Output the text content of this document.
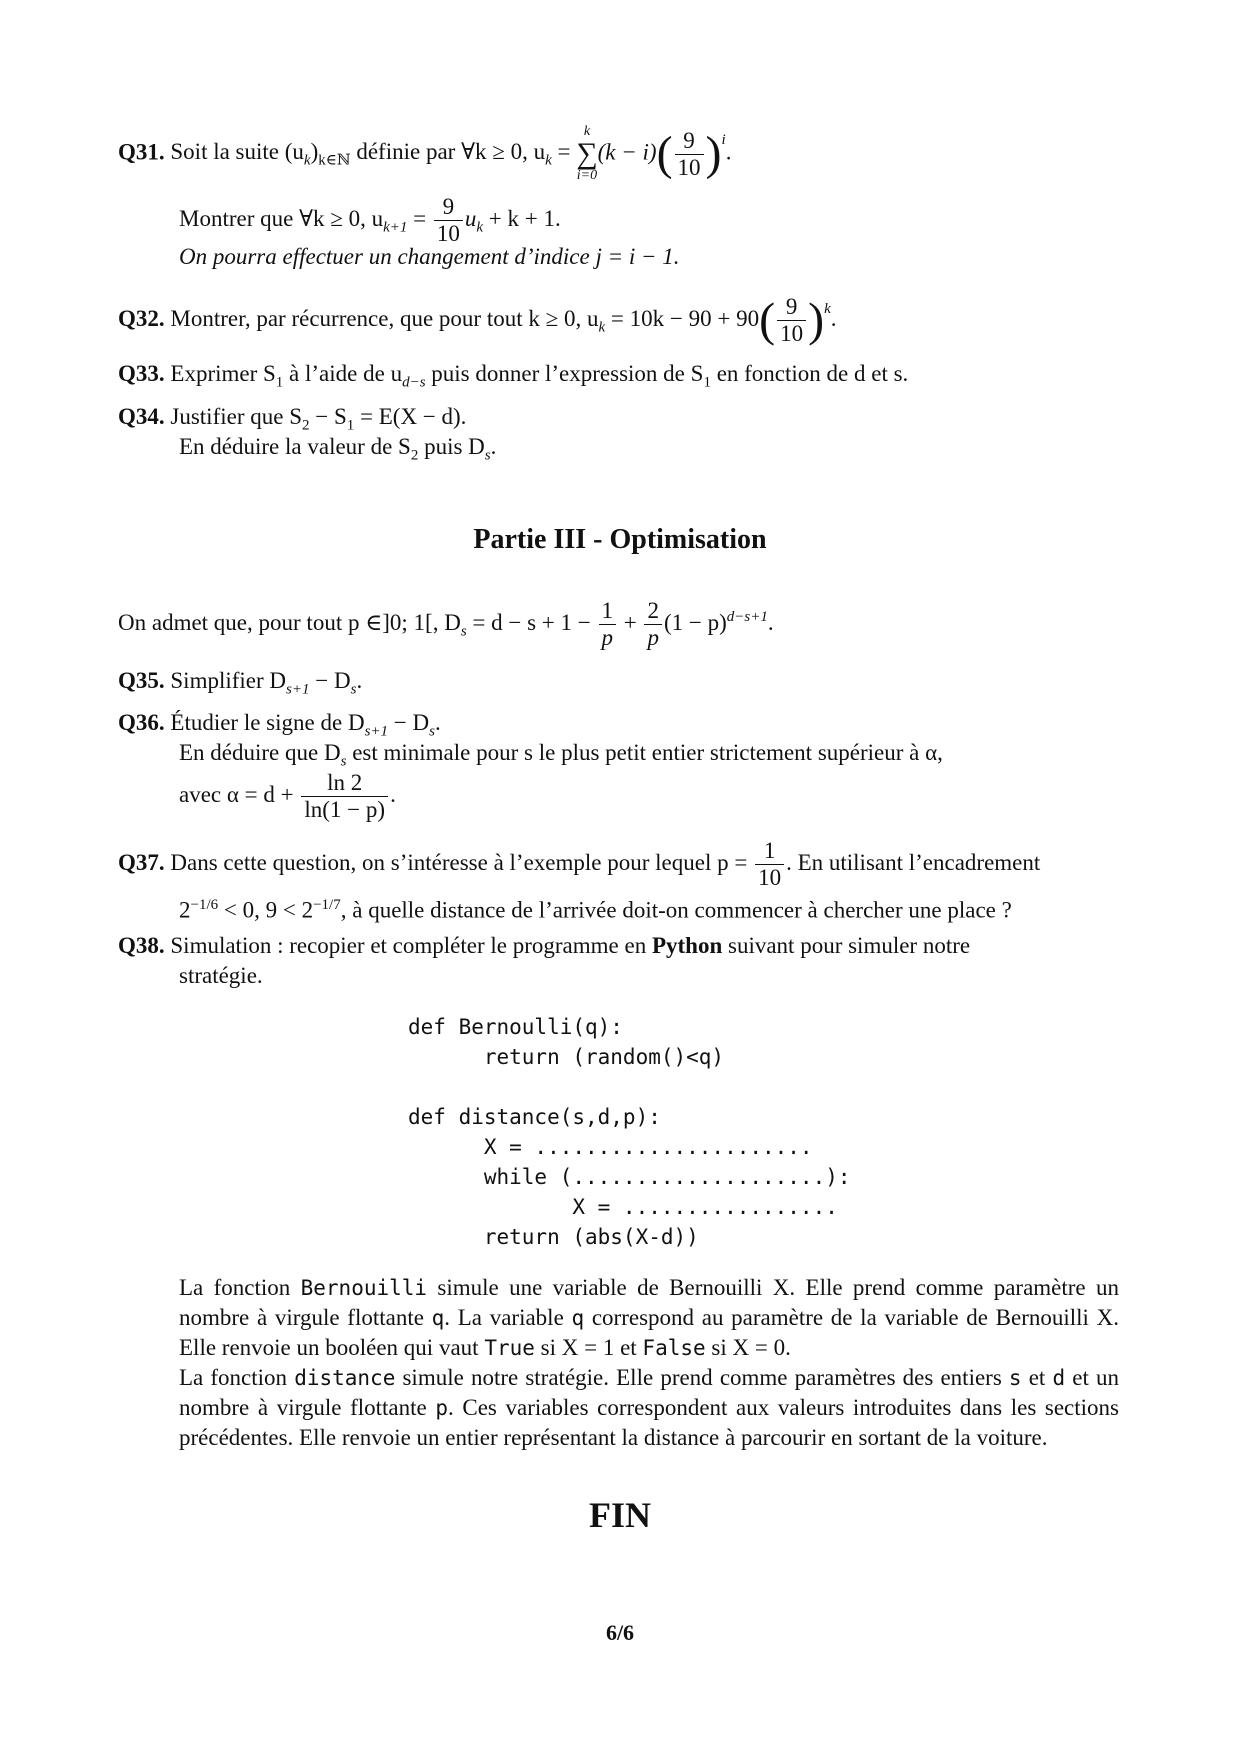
Q31. Soit la suite $(u_k)_{k\in ℕ}$ définie par ∀k ≥ 0, $u_k$ =
k
∑
i=0
$(k - i)( \frac{9}{10} )^i$.
Montrer que ∀k ≥ 0, $u_{k+1} = \frac{9}{10} u_k + k + 1$.
On pourra effectuer un changement d’indice j = i − 1.
Q32. Montrer, par récurrence, que pour tout k ≥ 0, $u_k = 10k - 90 + 90( \frac{9}{10} )^k$.
Q33. Exprimer $S_1$ à l’aide de $u_{d-s}$ puis donner l’expression de $S_1$ en fonction de d et s.
Q34. Justifier que $S_2 - S_1 = E(X - d)$.
En déduire la valeur de $S_2$ puis $D_s$.
Partie III - Optimisation
On admet que, pour tout p ∈]0; 1[, $D_s = d - s + 1 - \frac{1}{p} + \frac{2}{p} (1 - p)^{d-s+1}$.
Q35. Simplifier $D_{s+1} - D_s$.
Q36. Étudier le signe de $D_{s+1} - D_s$.
En déduire que $D_s$ est minimale pour s le plus petit entier strictement supérieur à α,
avec $\alpha = d + \frac{\ln 2}{\ln(1 - p)}$ .
Q37. Dans cette question, on s’intéresse à l’exemple pour lequel $p = \frac{1}{10}$ . En utilisant l’encadrement
$2^{-1/6} < 0$, $9 < 2^{-1/7}$, à quelle distance de l’arrivée doit-on commencer à chercher une place ?
Q38. Simulation : recopier et compléter le programme en Python suivant pour simuler notre
stratégie.
def Bernoulli(q):
return (random()<q)
def distance(s,d,p):
X = ......................
while (....................):
X = .................
return (abs(X-d))
La fonction Bernouilli simule une variable de Bernouilli X. Elle prend comme paramètre un nombre à virgule flottante q. La variable q correspond au paramètre de la variable de Bernouilli X. Elle renvoie un booléen qui vaut True si X = 1 et False si X = 0.
La fonction distance simule notre stratégie. Elle prend comme paramètres des entiers s et d et un nombre à virgule flottante p. Ces variables correspondent aux valeurs introduites dans les sections précédentes. Elle renvoie un entier représentant la distance à parcourir en sortant de la voiture.
FIN
6/6
